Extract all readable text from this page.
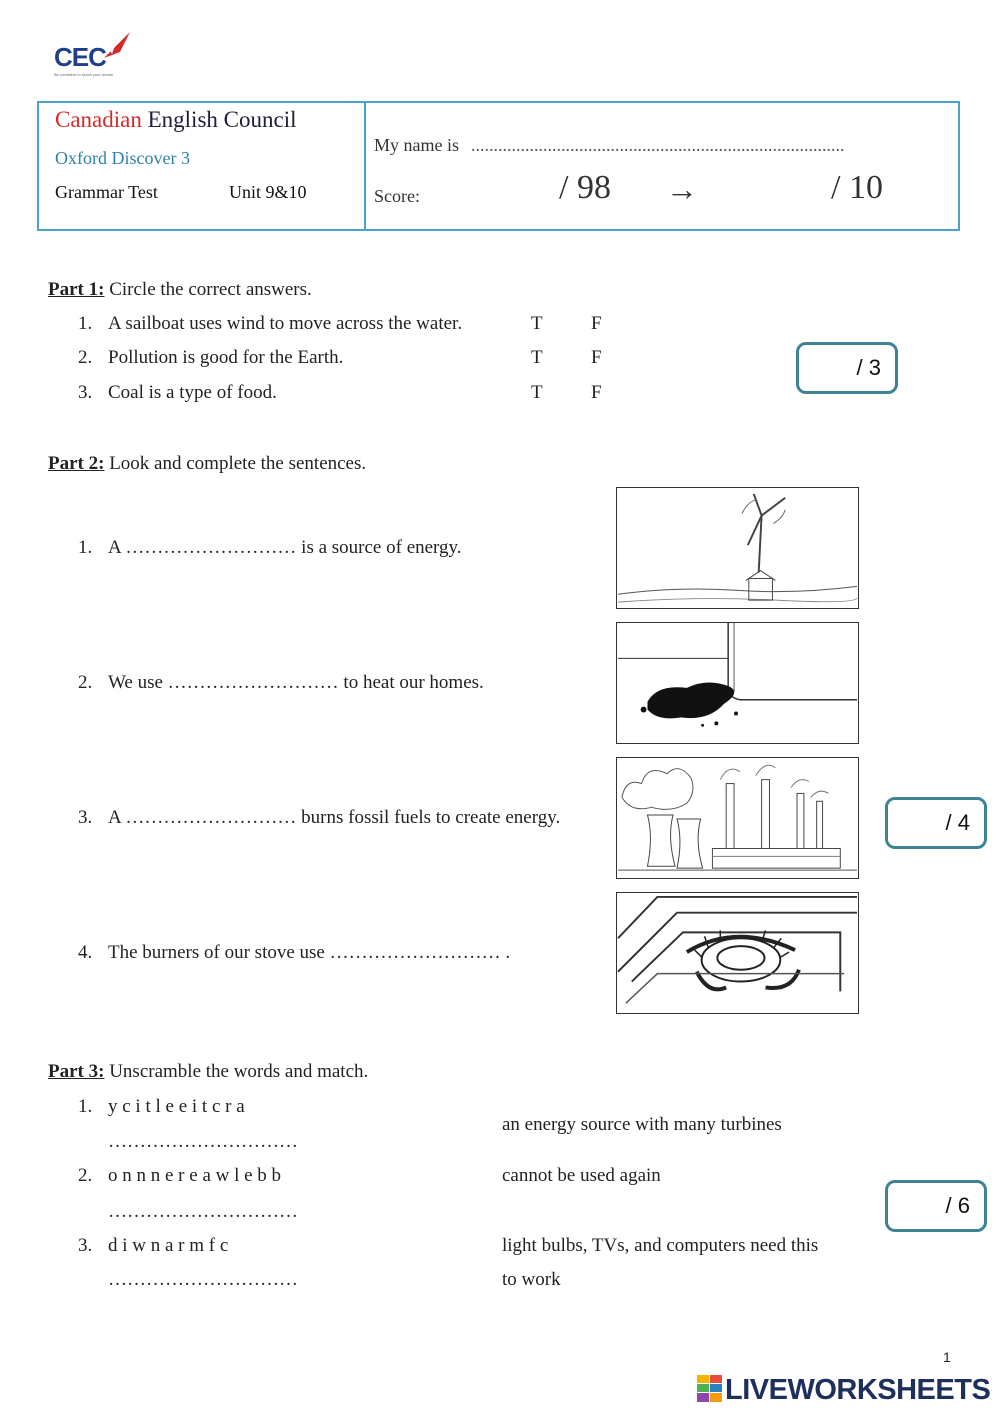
CEC
Be confident to reach your dream
Canadian English Council
Oxford Discover 3
Grammar Test	Unit 9&10
My name is ...................................................................................
Score:	/ 98 →	/ 10
Part 1: Circle the correct answers.
1. A sailboat uses wind to move across the water.	T	F
2. Pollution is good for the Earth.	T	F
3. Coal is a type of food.	T	F
/ 3
Part 2: Look and complete the sentences.
1. A ……………………… is a source of energy.
2. We use ……………………… to heat our homes.
3. A ……………………… burns fossil fuels to create energy.
4. The burners of our stove use ……………………… .
/ 4
Part 3: Unscramble the words and match.
1. y c i t l e e i t c r a
…………………………
2. o n n n e r e a w l e b b
…………………………
3. d i w n a r m f c
…………………………
an energy source with many turbines
cannot be used again
light bulbs, TVs, and computers need this
to work
/ 6
1
LIVEWORKSHEETS
